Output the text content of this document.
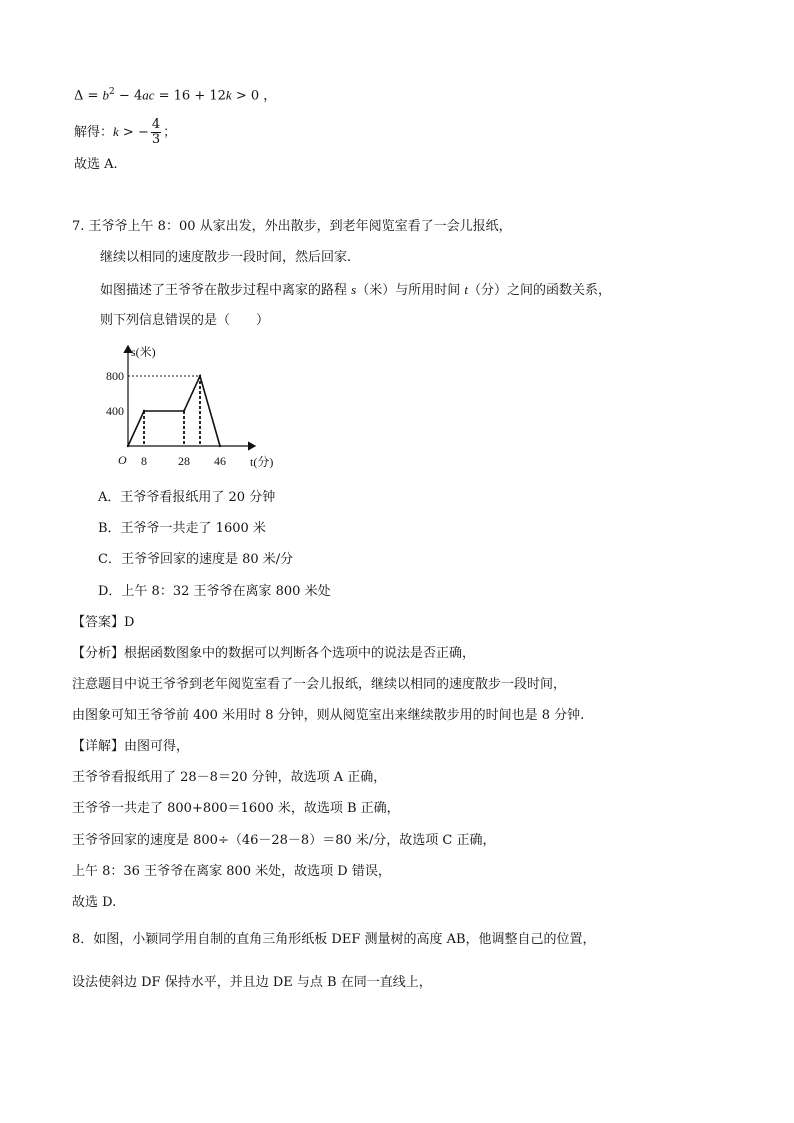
$\Delta = b^2 - 4ac = 16 + 12k > 0$ ，
解得：k > − $\frac{4}{3}$ ；
故选 A.
7. 王爷爷上午 8：00 从家出发，外出散步，到老年阅览室看了一会儿报纸，
继续以相同的速度散步一段时间，然后回家.
如图描述了王爷爷在散步过程中离家的路程 s（米）与所用时间 t（分）之间的函数关系，
则下列信息错误的是（　　）
s(米)
t(分)
O
400
800
8	28 46
A．王爷爷看报纸用了 20 分钟
B．王爷爷一共走了 1600 米
C．王爷爷回家的速度是 80 米/分
D．上午 8：32 王爷爷在离家 800 米处
【答案】D
【分析】根据函数图象中的数据可以判断各个选项中的说法是否正确，
注意题目中说王爷爷到老年阅览室看了一会儿报纸，继续以相同的速度散步一段时间，
由图象可知王爷爷前 400 米用时 8 分钟，则从阅览室出来继续散步用的时间也是 8 分钟.
【详解】由图可得，
王爷爷看报纸用了 28－8＝20 分钟，故选项 A 正确，
王爷爷一共走了 800+800＝1600 米，故选项 B 正确，
王爷爷回家的速度是 800÷（46－28－8）＝80 米/分，故选项 C 正确，
上午 8：36 王爷爷在离家 800 米处，故选项 D 错误，
故选 D.
8．如图，小颖同学用自制的直角三角形纸板 DEF 测量树的高度 AB，他调整自己的位置，
设法使斜边 DF 保持水平，并且边 DE 与点 B 在同一直线上，
